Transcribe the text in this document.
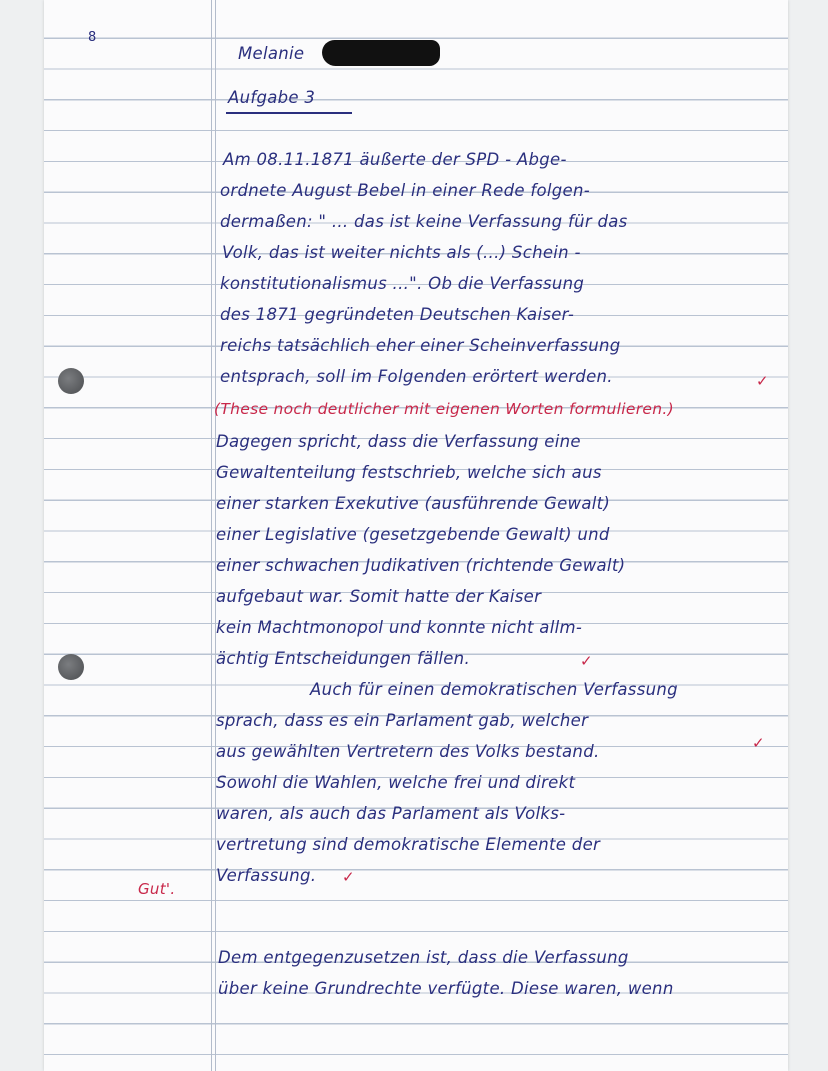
8
Melanie
Aufgabe 3
Am 08.11.1871 äußerte der SPD - Abge-
ordnete August Bebel in einer Rede folgen-
dermaßen: " ... das ist keine Verfassung für das
Volk, das ist weiter nichts als (...) Schein -
konstitutionalismus ...". Ob die Verfassung
des 1871 gegründeten Deutschen Kaiser-
reichs tatsächlich eher einer Scheinverfassung
entsprach, soll im Folgenden erörtert werden.	✓
(These noch deutlicher mit eigenen Worten formulieren.)
Dagegen spricht, dass die Verfassung eine
Gewaltenteilung festschrieb, welche sich aus
einer starken Exekutive (ausführende Gewalt)
einer Legislative (gesetzgebende Gewalt) und
einer schwachen Judikativen (richtende Gewalt)
aufgebaut war. Somit hatte der Kaiser
kein Machtmonopol und konnte nicht allm-
ächtig Entscheidungen fällen.	✓
Auch für einen demokratischen Verfassung
sprach, dass es ein Parlament gab, welcher
aus gewählten Vertretern des Volks bestand.	✓
Sowohl die Wahlen, welche frei und direkt
waren, als auch das Parlament als Volks-
vertretung sind demokratische Elemente der
Verfassung. ✓
Gut'.
Dem entgegenzusetzen ist, dass die Verfassung
über keine Grundrechte verfügte. Diese waren, wenn
